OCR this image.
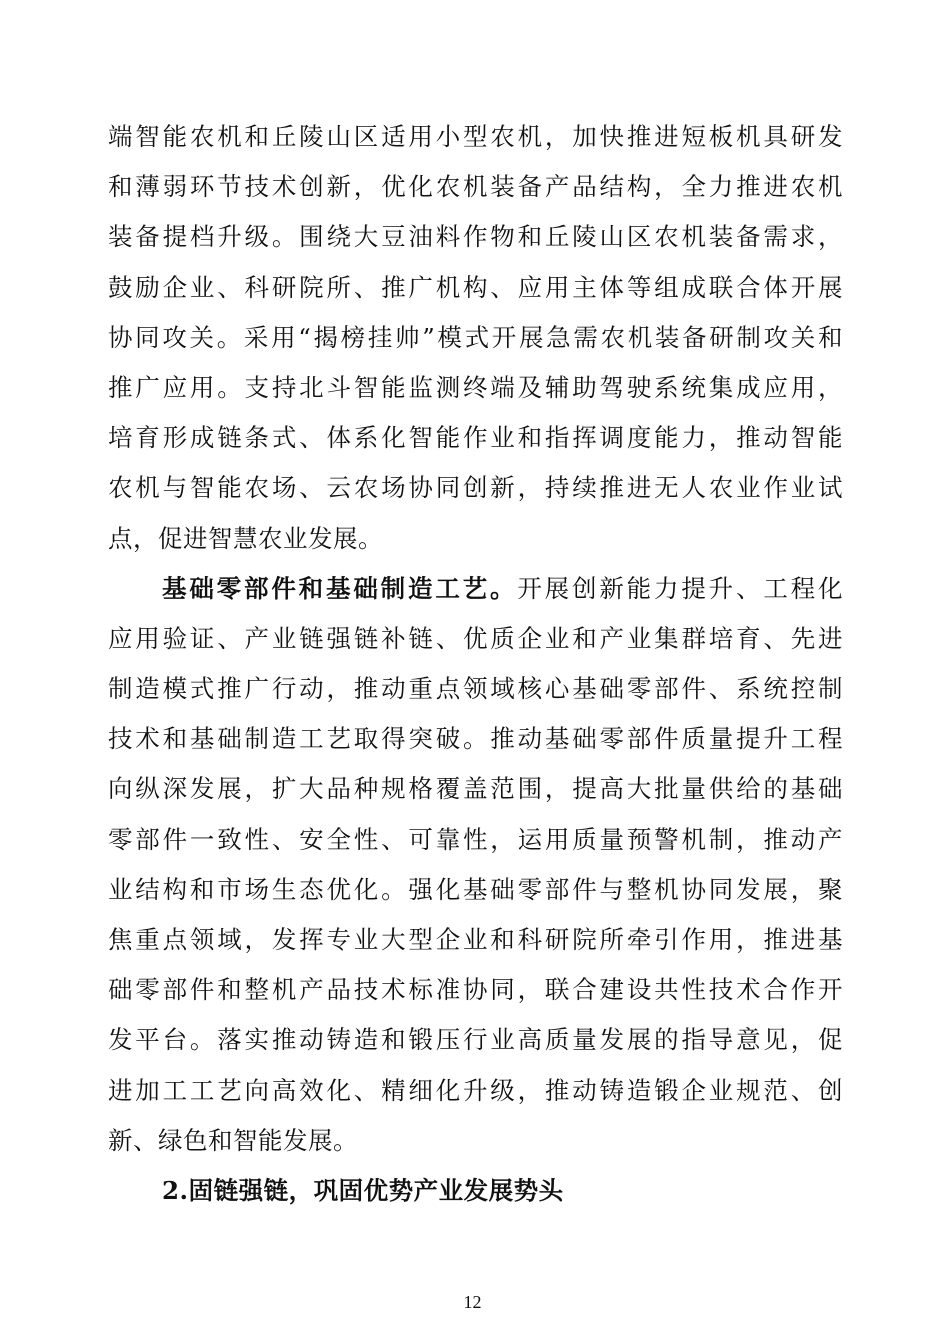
端智能农机和丘陵山区适用小型农机，加快推进短板机具研发
和薄弱环节技术创新，优化农机装备产品结构，全力推进农机
装备提档升级。围绕大豆油料作物和丘陵山区农机装备需求，
鼓励企业、科研院所、推广机构、应用主体等组成联合体开展
协同攻关。采用“揭榜挂帅”模式开展急需农机装备研制攻关和
推广应用。支持北斗智能监测终端及辅助驾驶系统集成应用，
培育形成链条式、体系化智能作业和指挥调度能力，推动智能
农机与智能农场、云农场协同创新，持续推进无人农业作业试
点，促进智慧农业发展。
基础零部件和基础制造工艺。开展创新能力提升、工程化
应用验证、产业链强链补链、优质企业和产业集群培育、先进
制造模式推广行动，推动重点领域核心基础零部件、系统控制
技术和基础制造工艺取得突破。推动基础零部件质量提升工程
向纵深发展，扩大品种规格覆盖范围，提高大批量供给的基础
零部件一致性、安全性、可靠性，运用质量预警机制，推动产
业结构和市场生态优化。强化基础零部件与整机协同发展，聚
焦重点领域，发挥专业大型企业和科研院所牵引作用，推进基
础零部件和整机产品技术标准协同，联合建设共性技术合作开
发平台。落实推动铸造和锻压行业高质量发展的指导意见，促
进加工工艺向高效化、精细化升级，推动铸造锻企业规范、创
新、绿色和智能发展。
2.固链强链，巩固优势产业发展势头
12
